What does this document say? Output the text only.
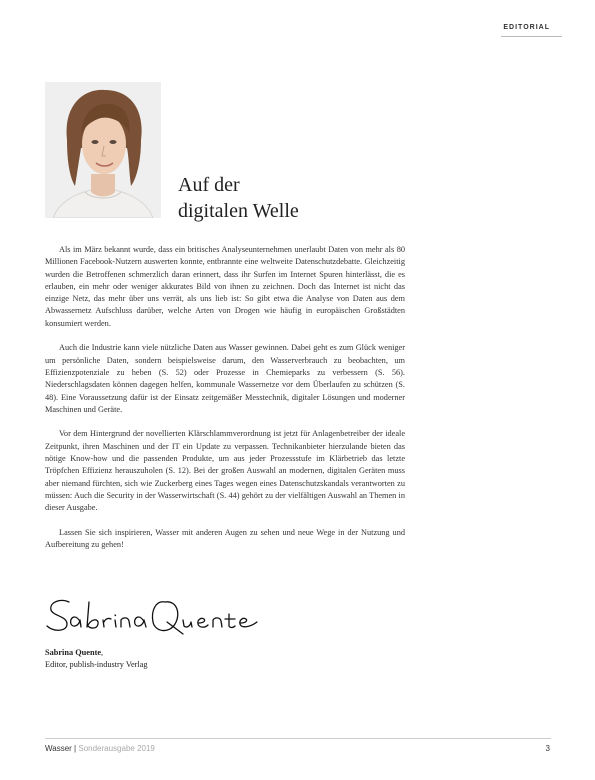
EDITORIAL
Auf der
digitalen Welle

Als im März bekannt wurde, dass ein britisches Analyseunternehmen unerlaubt Daten von mehr als 80 Millionen Facebook-Nutzern auswerten konnte, entbrannte eine weltweite Datenschutzdebatte. Gleichzeitig wurden die Betroffenen schmerzlich daran erinnert, dass ihr Surfen im Internet Spuren hinterlässt, die es erlauben, ein mehr oder weniger akkurates Bild von ihnen zu zeichnen. Doch das Internet ist nicht das einzige Netz, das mehr über uns verrät, als uns lieb ist: So gibt etwa die Analyse von Daten aus dem Abwassernetz Aufschluss darüber, welche Arten von Drogen wie häufig in europäischen Großstädten konsumiert werden.

Auch die Industrie kann viele nützliche Daten aus Wasser gewinnen. Dabei geht es zum Glück weniger um persönliche Daten, sondern beispielsweise darum, den Wasserverbrauch zu beobachten, um Effizienzpotenziale zu heben (S. 52) oder Prozesse in Chemieparks zu verbessern (S. 56). Niederschlagsdaten können dagegen helfen, kommunale Wassernetze vor dem Überlaufen zu schützen (S. 48). Eine Voraussetzung dafür ist der Einsatz zeitgemäßer Messtechnik, digitaler Lösungen und moderner Maschinen und Geräte.

Vor dem Hintergrund der novellierten Klärschlammverordnung ist jetzt für Anlagenbetreiber der ideale Zeitpunkt, ihren Maschinen und der IT ein Update zu verpassen. Technikanbieter hierzulande bieten das nötige Know-how und die passenden Produkte, um aus jeder Prozessstufe im Klärbetrieb das letzte Tröpfchen Effizienz herauszuholen (S. 12). Bei der großen Auswahl an modernen, digitalen Geräten muss aber niemand fürchten, sich wie Zuckerberg eines Tages wegen eines Datenschutzskandals verantworten zu müssen: Auch die Security in der Wasserwirtschaft (S. 44) gehört zu der vielfältigen Auswahl an Themen in dieser Ausgabe.

Lassen Sie sich inspirieren, Wasser mit anderen Augen zu sehen und neue Wege in der Nutzung und Aufbereitung zu gehen!

Sabrina Quente,
Editor, publish-industry Verlag
Wasser | Sonderausgabe 2019	3
